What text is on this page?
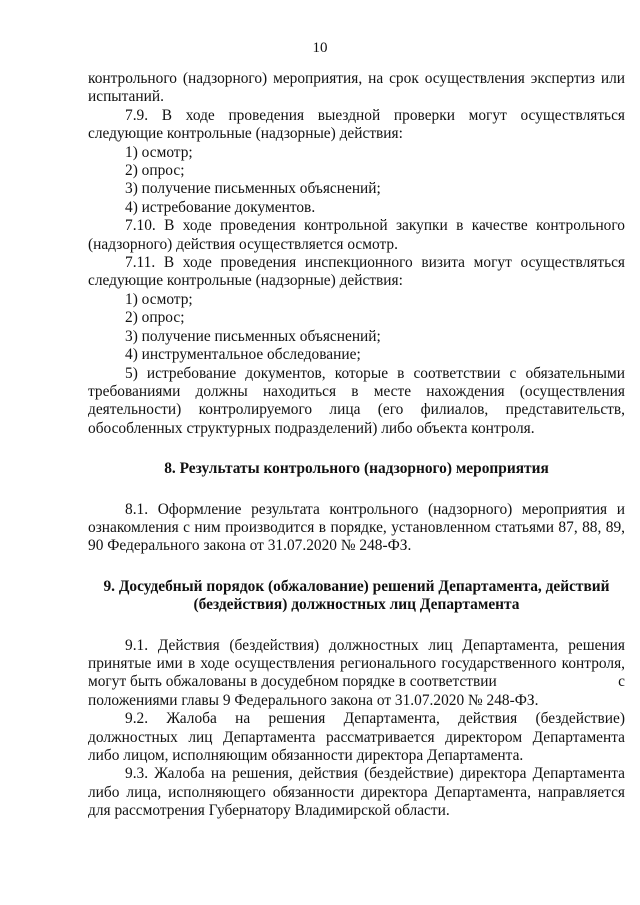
10
контрольного (надзорного) мероприятия, на срок осуществления экспертиз или испытаний.
7.9. В ходе проведения выездной проверки могут осуществляться следующие контрольные (надзорные) действия:
1) осмотр;
2) опрос;
3) получение письменных объяснений;
4) истребование документов.
7.10. В ходе проведения контрольной закупки в качестве контрольного (надзорного) действия осуществляется осмотр.
7.11. В ходе проведения инспекционного визита могут осуществляться следующие контрольные (надзорные) действия:
1) осмотр;
2) опрос;
3) получение письменных объяснений;
4) инструментальное обследование;
5) истребование документов, которые в соответствии с обязательными требованиями должны находиться в месте нахождения (осуществления деятельности) контролируемого лица (его филиалов, представительств, обособленных структурных подразделений) либо объекта контроля.
8. Результаты контрольного (надзорного) мероприятия
8.1. Оформление результата контрольного (надзорного) мероприятия и ознакомления с ним производится в порядке, установленном статьями 87, 88, 89, 90 Федерального закона от 31.07.2020 № 248-ФЗ.
9. Досудебный порядок (обжалование) решений Департамента, действий
(бездействия) должностных лиц Департамента
9.1. Действия (бездействия) должностных лиц Департамента, решения
принятые ими в ходе осуществления регионального государственного контроля,
могут быть обжалованы в досудебном порядке в соответствии	с
положениями главы 9 Федерального закона от 31.07.2020 № 248-ФЗ.
9.2. Жалоба на решения Департамента, действия (бездействие) должностных лиц Департамента рассматривается директором Департамента либо лицом, исполняющим обязанности директора Департамента.
9.3. Жалоба на решения, действия (бездействие) директора Департамента либо лица, исполняющего обязанности директора Департамента, направляется для рассмотрения Губернатору Владимирской области.
